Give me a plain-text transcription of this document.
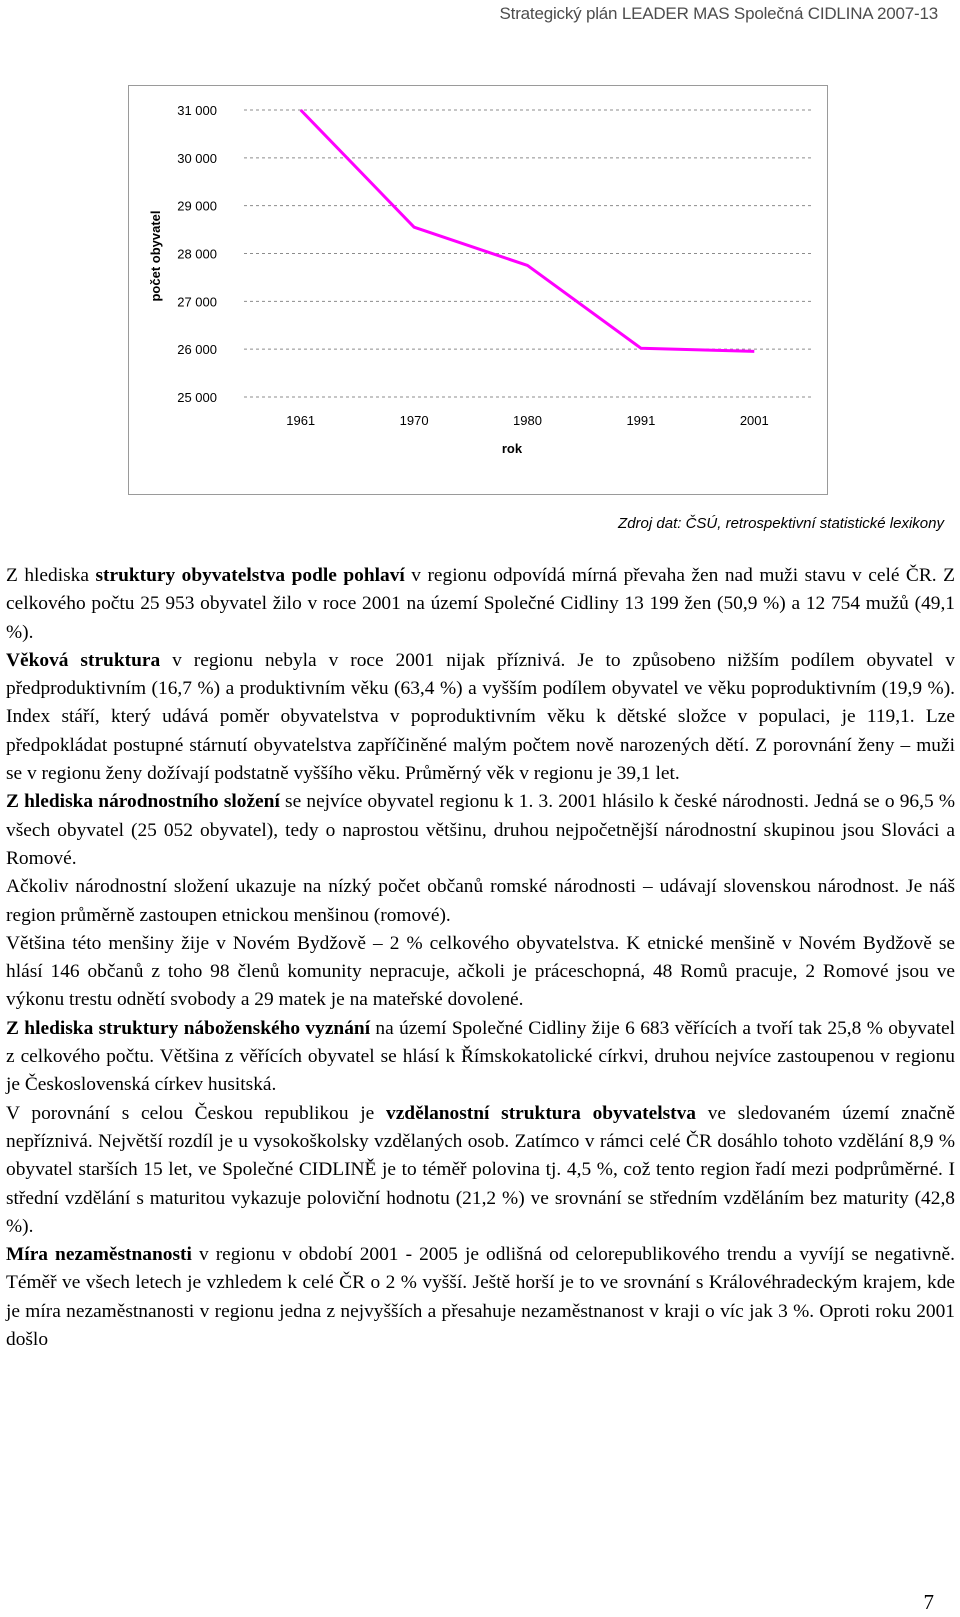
Strategický plán LEADER MAS Společná CIDLINA 2007-13
25 000
26 000
27 000
28 000
29 000
30 000
31 000
1961	1970	1980	1991	2001
počet obyvatel
rok
Zdroj dat: ČSÚ, retrospektivní statistické lexikony

Z hlediska struktury obyvatelstva podle pohlaví v regionu odpovídá mírná převaha žen nad muži stavu v celé ČR. Z celkového počtu 25 953 obyvatel žilo v roce 2001 na území Společné Cidliny 13 199 žen (50,9 %) a 12 754 mužů (49,1 %).

Věková struktura v regionu nebyla v roce 2001 nijak příznivá. Je to způsobeno nižším podílem obyvatel v předproduktivním (16,7 %) a produktivním věku (63,4 %) a vyšším podílem obyvatel ve věku poproduktivním (19,9 %). Index stáří, který udává poměr obyvatelstva v poproduktivním věku k dětské složce v populaci, je 119,1. Lze předpokládat postupné stárnutí obyvatelstva zapříčiněné malým počtem nově narozených dětí. Z porovnání ženy – muži se v regionu ženy dožívají podstatně vyššího věku. Průměrný věk v regionu je 39,1 let.

Z hlediska národnostního složení se nejvíce obyvatel regionu k 1. 3. 2001 hlásilo k české národnosti. Jedná se o 96,5 % všech obyvatel (25 052 obyvatel), tedy o naprostou většinu, druhou nejpočetnější národnostní skupinou jsou Slováci a Romové.

Ačkoliv národnostní složení ukazuje na nízký počet občanů romské národnosti – udávají slovenskou národnost. Je náš region průměrně zastoupen etnickou menšinou (romové).

Většina této menšiny žije v Novém Bydžově – 2 % celkového obyvatelstva. K etnické menšině v Novém Bydžově se hlásí 146 občanů z toho 98 členů komunity nepracuje, ačkoli je práceschopná, 48 Romů pracuje, 2 Romové jsou ve výkonu trestu odnětí svobody a 29 matek je na mateřské dovolené.

Z hlediska struktury náboženského vyznání na území Společné Cidliny žije 6 683 věřících a tvoří tak 25,8 % obyvatel z celkového počtu. Většina z věřících obyvatel se hlásí k Římskokatolické církvi, druhou nejvíce zastoupenou v regionu je Československá církev husitská.

V porovnání s celou Českou republikou je vzdělanostní struktura obyvatelstva ve sledovaném území značně nepříznivá. Největší rozdíl je u vysokoškolsky vzdělaných osob. Zatímco v rámci celé ČR dosáhlo tohoto vzdělání 8,9 % obyvatel starších 15 let, ve Společné CIDLINĚ je to téměř polovina tj. 4,5 %, což tento region řadí mezi podprůměrné. I střední vzdělání s maturitou vykazuje poloviční hodnotu (21,2 %) ve srovnání se středním vzděláním bez maturity (42,8 %).

Míra nezaměstnanosti v regionu v období 2001 - 2005 je odlišná od celorepublikového trendu a vyvíjí se negativně. Téměř ve všech letech je vzhledem k celé ČR o 2 % vyšší. Ještě horší je to ve srovnání s Královéhradeckým krajem, kde je míra nezaměstnanosti v regionu jedna z nejvyšších a přesahuje nezaměstnanost v kraji o víc jak 3 %. Oproti roku 2001 došlo

7
